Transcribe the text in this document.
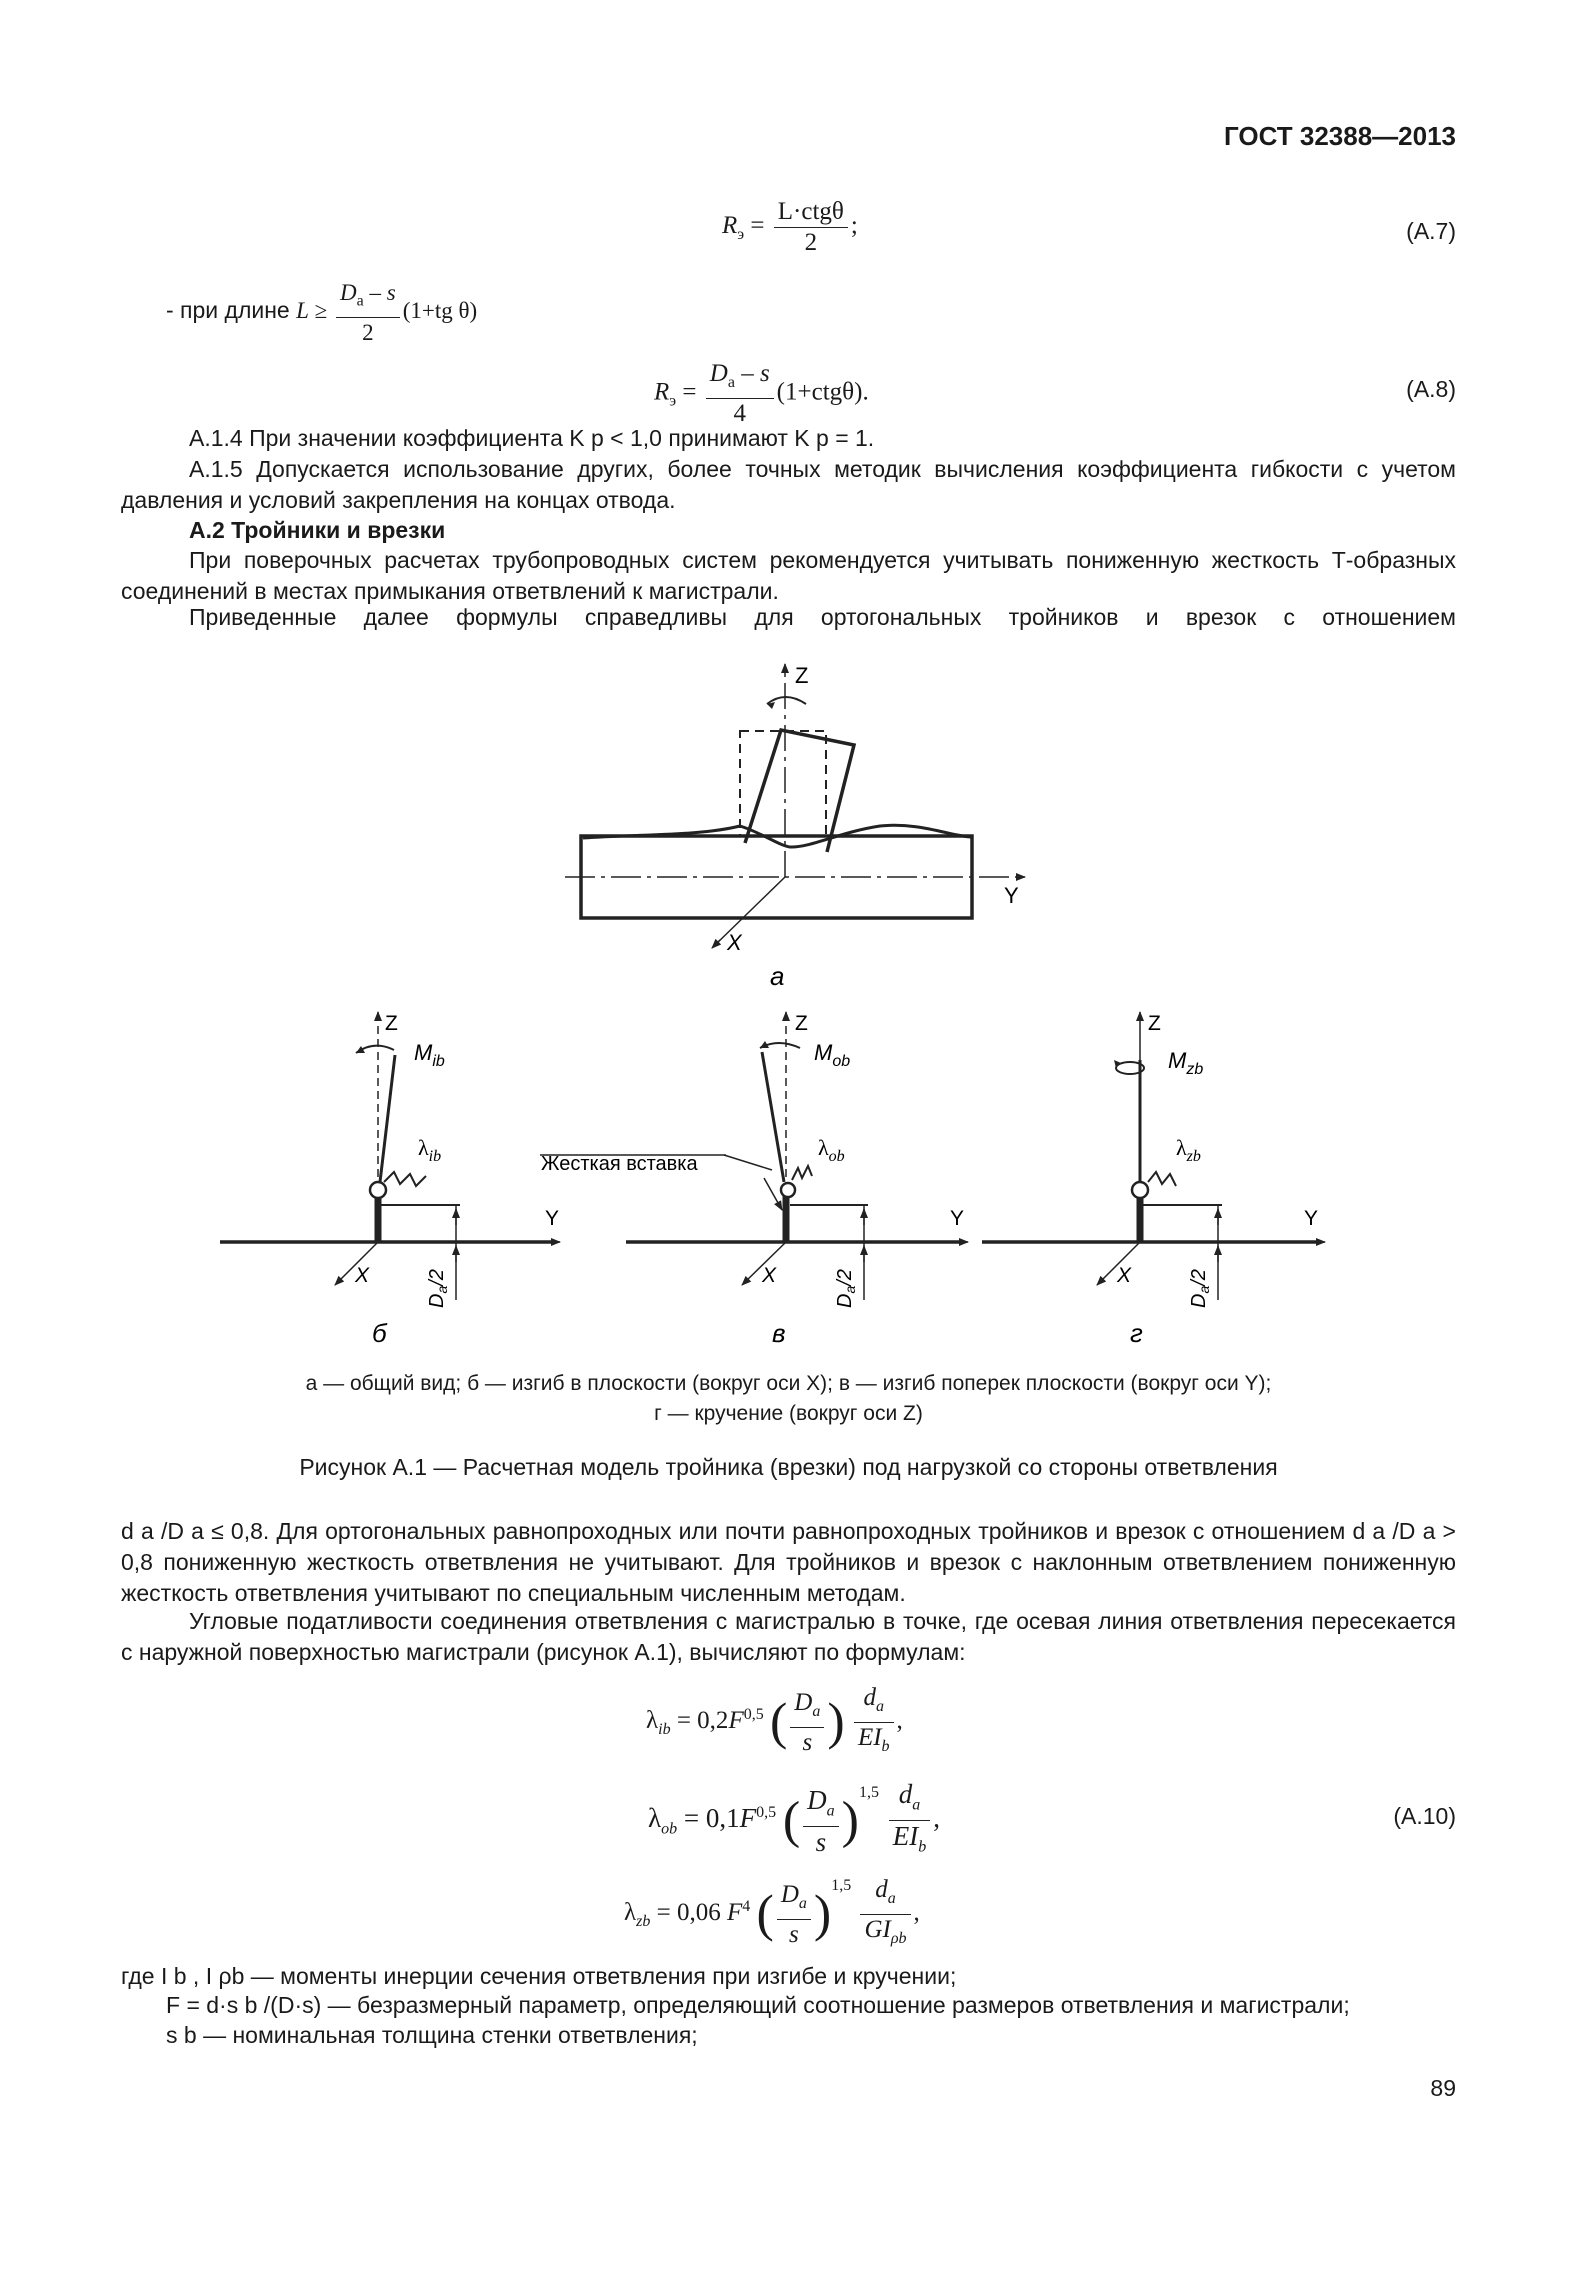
ГОСТ 32388—2013
$R_э = \frac{\text{L·ctgθ}}{2}$ ;	(А.7)
- при длине $L \ge \frac{D_a - s}{2} (1+tg$ θ)
$R_э = \frac{D_a - s}{4} (1+ctg\theta)$.	(А.8)
А.1.4 При значении коэффициента K p < 1,0 принимают K p = 1.
А.1.5 Допускается использование других, более точных методик вычисления коэффициента гибкости с учетом давления и условий закрепления на концах отвода.
А.2 Тройники и врезки
При поверочных расчетах трубопроводных систем рекомендуется учитывать пониженную жесткость Т-образных соединений в местах примыкания ответвлений к магистрали.
Приведенные далее формулы справедливы для ортогональных тройников и врезок с отношением
Z
Y
X
а
Z
$M_{ib}$
$\lambda_{ib}$
Y
X
$D_a/2$
б
Z
$M_{ob}$
$\lambda_{ob}$
Жесткая вставка
Y
X
$D_a/2$
в
Z
$M_{zb}$
$\lambda_{zb}$
Y
X
$D_a/2$
г
а — общий вид; б — изгиб в плоскости (вокруг оси X); в — изгиб поперек плоскости (вокруг оси Y);
г — кручение (вокруг оси Z)
Рисунок А.1 — Расчетная модель тройника (врезки) под нагрузкой со стороны ответвления
d a /D a ≤ 0,8. Для ортогональных равнопроходных или почти равнопроходных тройников и врезок с отношением d a /D a > 0,8 пониженную жесткость ответвления не учитывают. Для тройников и врезок с наклонным ответвлением пониженную жесткость ответвления учитывают по специальным численным методам.
Угловые податливости соединения ответвления с магистралью в точке, где осевая линия ответвления пересекается с наружной поверхностью магистрали (рисунок А.1), вычисляют по формулам:
$\lambda_{ib} = 0,2F^{0,5}$ ( $\frac{D_a}{s}$ ) $\frac{d_a}{EI_b}$ ,
$\lambda_{ob} = 0,1F^{0,5}$ ( $\frac{D_a}{s} )^{1,5} \frac{d_a}{EI_b}$ ,	(А.10)
$\lambda_{zb} = 0,06$ $F^4$ ( $\frac{D_a}{s} )^{1,5} \frac{d_a}{GI_{\rho b}}$ ,
где I b , I ρb — моменты инерции сечения ответвления при изгибе и кручении;
F = d·s b /(D·s) — безразмерный параметр, определяющий соотношение размеров ответвления и магистрали;
s b — номинальная толщина стенки ответвления;
89
